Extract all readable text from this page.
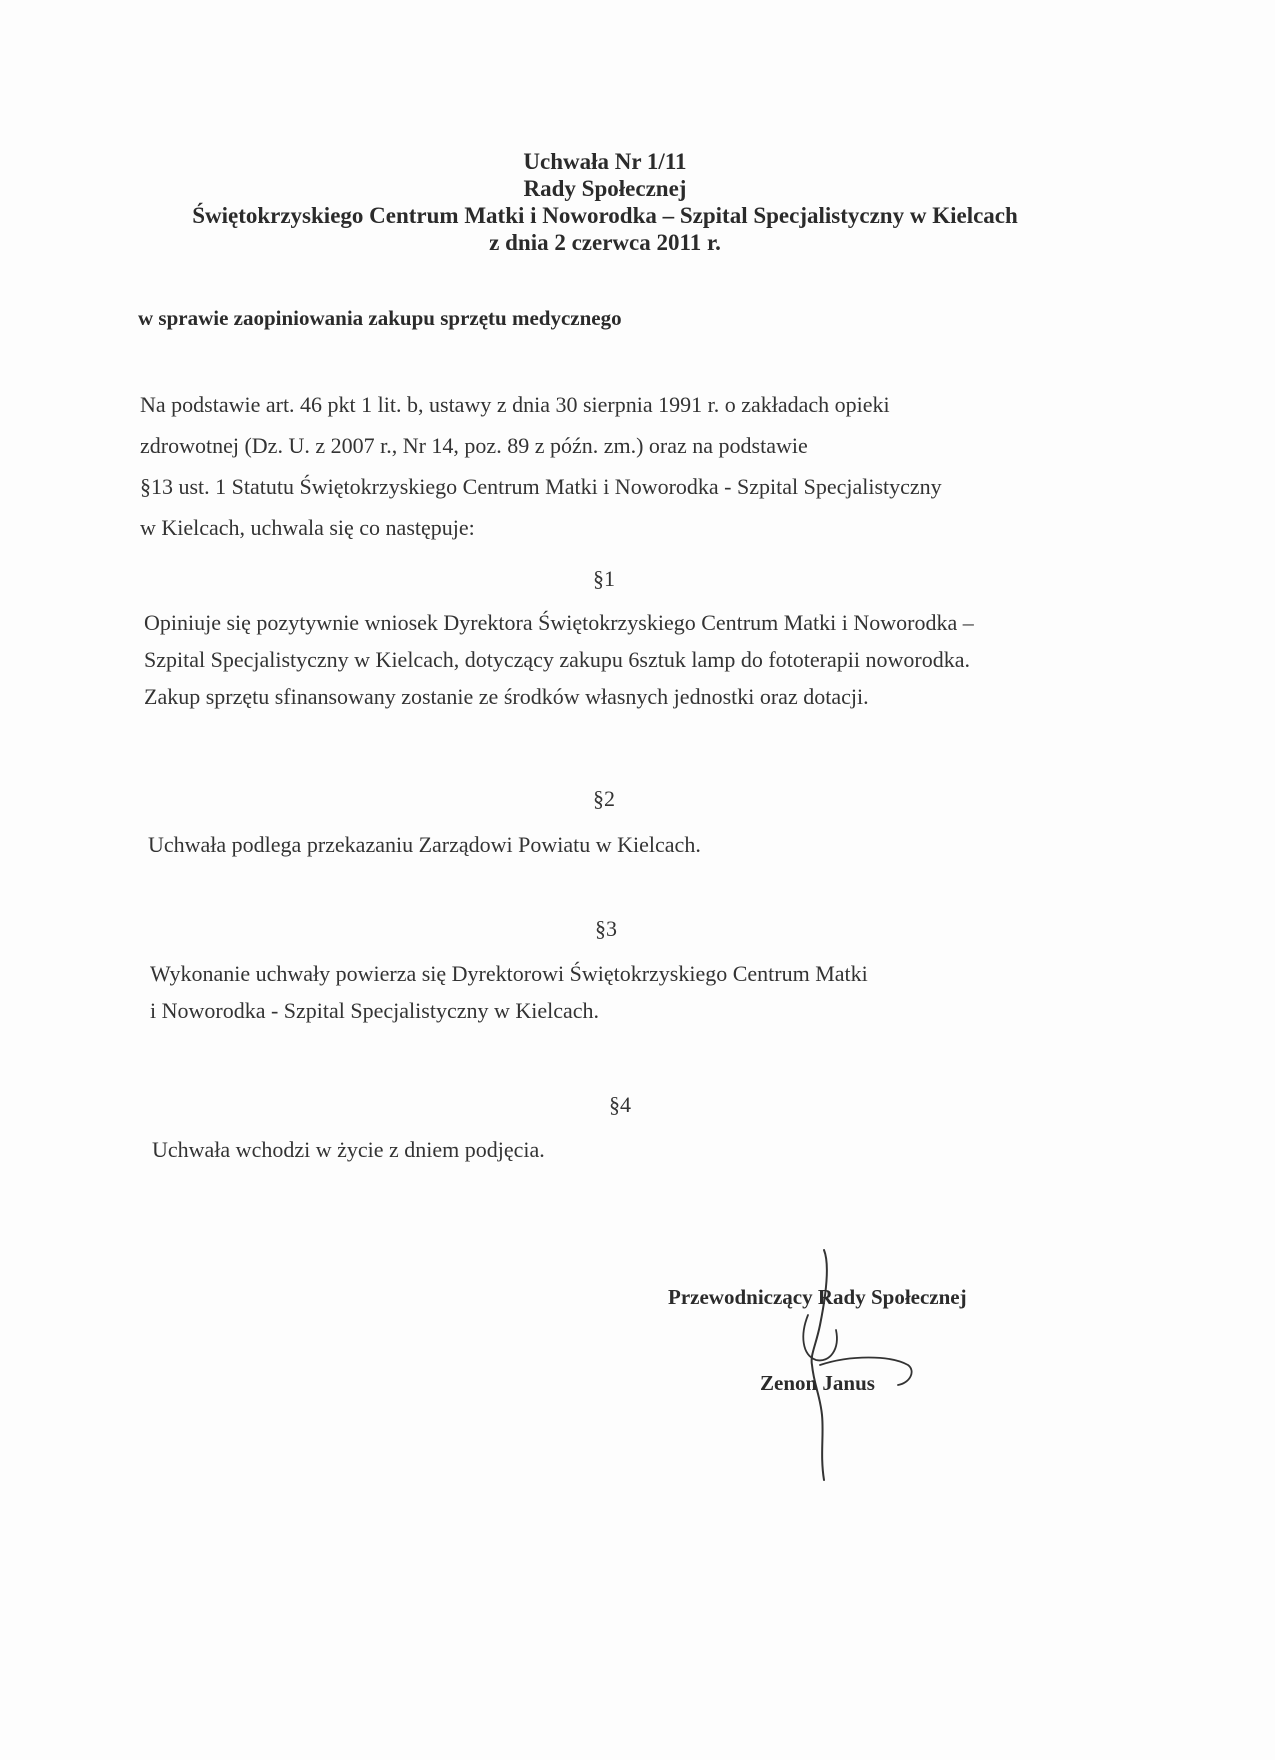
Uchwała Nr 1/11
Rady Społecznej
Świętokrzyskiego Centrum Matki i Noworodka – Szpital Specjalistyczny w Kielcach
z dnia 2 czerwca 2011 r.
w sprawie zaopiniowania zakupu sprzętu medycznego
Na podstawie art. 46 pkt 1 lit. b, ustawy z dnia 30 sierpnia 1991 r. o zakładach opieki
zdrowotnej (Dz. U. z 2007 r., Nr 14, poz. 89 z późn. zm.) oraz na podstawie
§13 ust. 1 Statutu Świętokrzyskiego Centrum Matki i Noworodka - Szpital Specjalistyczny
w Kielcach, uchwala się co następuje:
§1
Opiniuje się pozytywnie wniosek Dyrektora Świętokrzyskiego Centrum Matki i Noworodka –
Szpital Specjalistyczny w Kielcach, dotyczący zakupu 6sztuk lamp do fototerapii noworodka.
Zakup sprzętu sfinansowany zostanie ze środków własnych jednostki oraz dotacji.
§2
Uchwała podlega przekazaniu Zarządowi Powiatu w Kielcach.
§3
Wykonanie uchwały powierza się Dyrektorowi Świętokrzyskiego Centrum Matki
i Noworodka - Szpital Specjalistyczny w Kielcach.
§4
Uchwała wchodzi w życie z dniem podjęcia.
Przewodniczący Rady Społecznej
Zenon Janus
